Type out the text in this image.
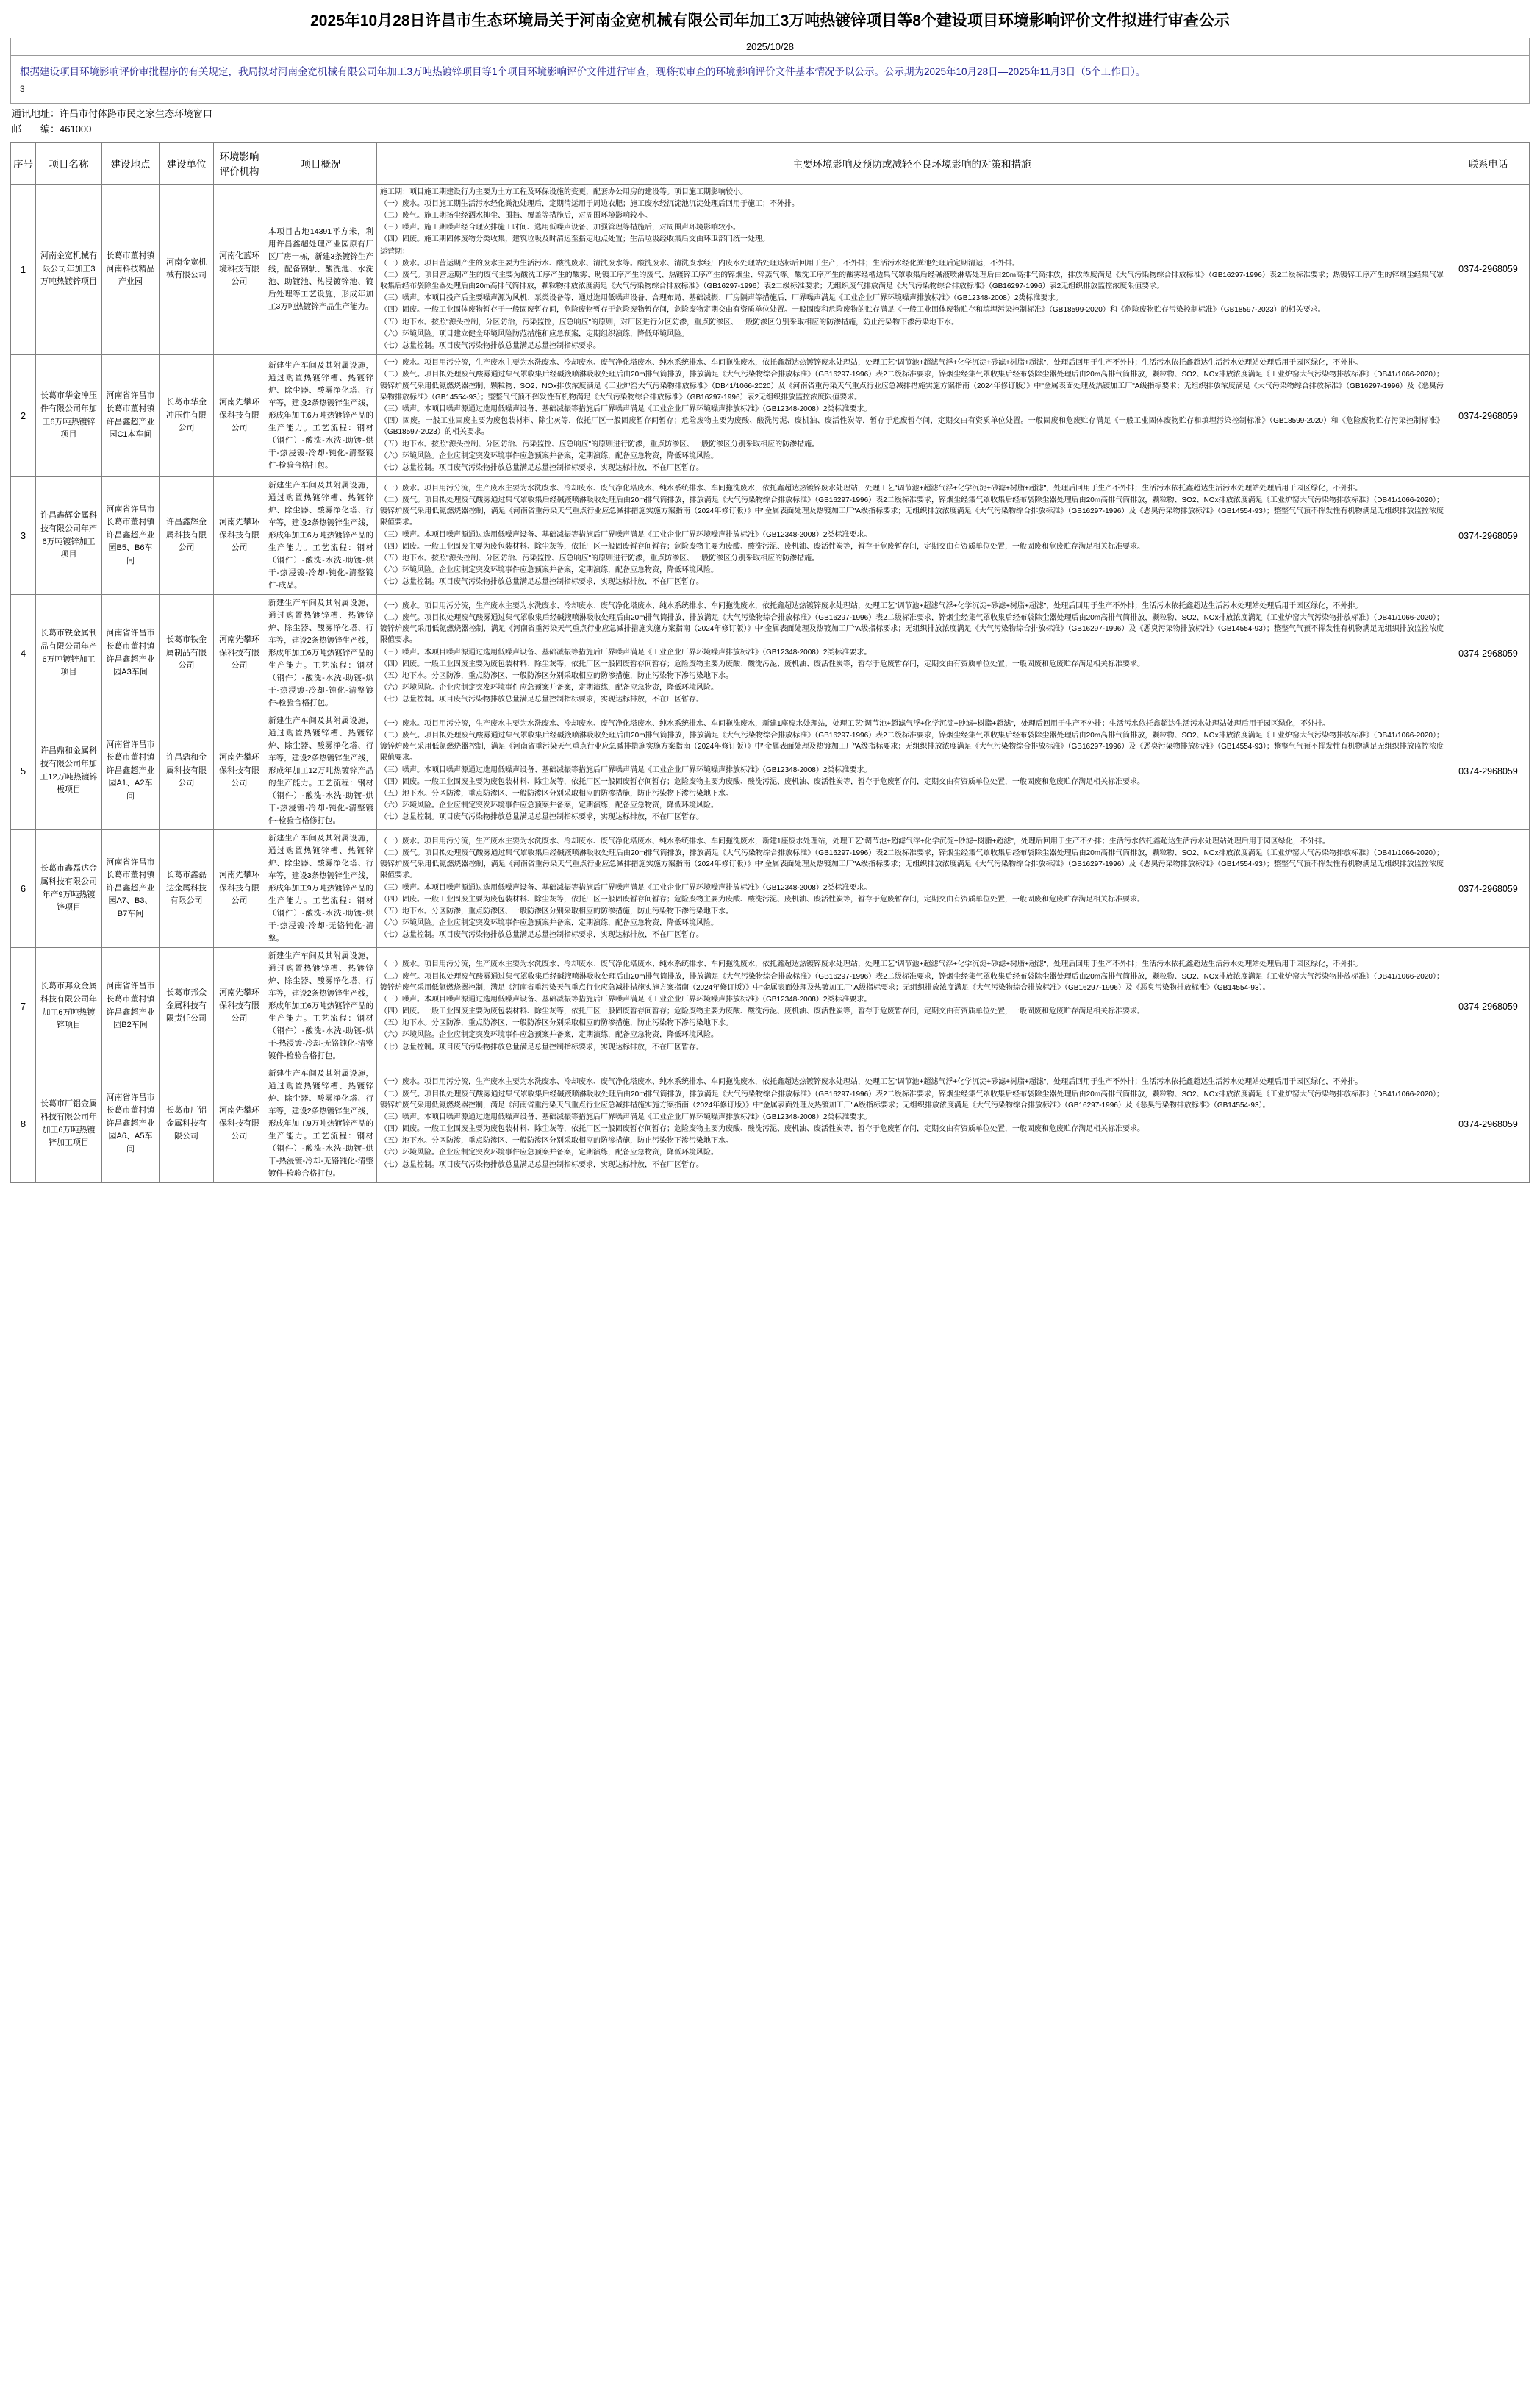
2025年10月28日许昌市生态环境局关于河南金宽机械有限公司年加工3万吨热镀锌项目等8个建设项目环境影响评价文件拟进行审查公示
2025/10/28
根据建设项目环境影响评价审批程序的有关规定，我局拟对河南金宽机械有限公司年加工3万吨热镀锌项目等1个项目环境影响评价文件进行审查，现将拟审查的环境影响评价文件基本情况予以公示。公示期为2025年10月28日—2025年11月3日（5个工作日）。
3
通讯地址：许昌市付体路市民之家生态环境窗口
邮　　编：461000
序号	项目名称	建设地点	建设单位	环境影响评价机构	项目概况	主要环境影响及预防或减轻不良环境影响的对策和措施	联系电话
1	河南金宽机械有限公司年加工3万吨热镀锌项目	长葛市董村镇河南科技精品产业园	河南金宽机械有限公司	河南化蓝环境科技有限公司	本项目占地14391平方米，利用许昌鑫超处理产业园原有厂区厂房一栋，新建3条镀锌生产线，配备钢轨、酸洗池、水洗池、助镀池、热浸镀锌池、镀后处理等工艺设施，形成年加工3万吨热镀锌产品生产能力。	

施工期：项目施工期建设行为主要为土方工程及环保设施的变更，配套办公用房的建设等。项目施工期影响较小。

（一）废水。项目施工期生活污水经化粪池处理后，定期清运用于周边农肥；施工废水经沉淀池沉淀处理后回用于施工；不外排。

（二）废气。施工期扬尘经洒水抑尘、围挡、覆盖等措施后，对周围环境影响较小。

（三）噪声。施工期噪声经合理安排施工时间、选用低噪声设备、加强管理等措施后，对周围声环境影响较小。

（四）固废。施工期固体废物分类收集，建筑垃圾及时清运至指定地点处置；生活垃圾经收集后交由环卫部门统一处理。

运营期：

（一）废水。项目营运期产生的废水主要为生活污水、酸洗废水、清洗废水等。酸洗废水、清洗废水经厂内废水处理站处理达标后回用于生产，不外排；生活污水经化粪池处理后定期清运，不外排。

（二）废气。项目营运期产生的废气主要为酸洗工序产生的酸雾、助镀工序产生的废气、热镀锌工序产生的锌烟尘、锌蒸气等。酸洗工序产生的酸雾经槽边集气罩收集后经碱液喷淋塔处理后由20m高排气筒排放，排放浓度满足《大气污染物综合排放标准》（GB16297-1996）表2二级标准要求；热镀锌工序产生的锌烟尘经集气罩收集后经布袋除尘器处理后由20m高排气筒排放，颗粒物排放浓度满足《大气污染物综合排放标准》（GB16297-1996）表2二级标准要求；无组织废气排放满足《大气污染物综合排放标准》（GB16297-1996）表2无组织排放监控浓度限值要求。

（三）噪声。本项目投产后主要噪声源为风机、泵类设备等，通过选用低噪声设备、合理布局、基础减振、厂房隔声等措施后，厂界噪声满足《工业企业厂界环境噪声排放标准》（GB12348-2008）2类标准要求。

（四）固废。一般工业固体废物暂存于一般固废暂存间，危险废物暂存于危险废物暂存间，危险废物定期交由有资质单位处置。一般固废和危险废物的贮存满足《一般工业固体废物贮存和填埋污染控制标准》（GB18599-2020）和《危险废物贮存污染控制标准》（GB18597-2023）的相关要求。

（五）地下水。按照"源头控制，分区防治，污染监控，应急响应"的原则，对厂区进行分区防渗，重点防渗区、一般防渗区分别采取相应的防渗措施，防止污染物下渗污染地下水。

（六）环境风险。项目建立健全环境风险防范措施和应急预案，定期组织演练，降低环境风险。

（七）总量控制。项目废气污染物排放总量满足总量控制指标要求。

	0374-2968059
2	长葛市华金冲压件有限公司年加工6万吨热镀锌项目	河南省许昌市长葛市董村镇许昌鑫超产业园C1本车间	长葛市华金冲压件有限公司	河南先攀环保科技有限公司	新建生产车间及其附属设施，通过购置热镀锌槽、热镀锌炉、除尘器、酸雾净化塔、行车等，建设2条热镀锌生产线，形成年加工6万吨热镀锌产品的生产能力。工艺流程：钢材（钢件）-酸洗-水洗-助镀-烘干-热浸镀-冷却-钝化-清整镀件-检验合格打包。	

（一）废水。项目用污分流，生产废水主要为水洗废水、冷却废水、废气净化塔废水、纯水系统排水、车间拖洗废水，依托鑫超达热镀锌废水处理站，处理工艺"调节池+超滤气浮+化学沉淀+砂滤+树脂+超滤"，处理后回用于生产不外排；生活污水依托鑫超达生活污水处理站处理后用于园区绿化，不外排。

（二）废气。项目拟处理废气酸雾通过集气罩收集后经碱液喷淋吸收处理后由20m排气筒排放，排放满足《大气污染物综合排放标准》（GB16297-1996）表2二级标准要求，锌烟尘经集气罩收集后经布袋除尘器处理后由20m高排气筒排放，颗粒物、SO2、NOx排放浓度满足《工业炉窑大气污染物排放标准》（DB41/1066-2020）；镀锌炉废气采用低氮燃烧器控制，颗粒物、SO2、NOx排放浓度满足《工业炉窑大气污染物排放标准》（DB41/1066-2020）及《河南省重污染天气重点行业应急减排措施实施方案指南（2024年修订版）》中"金属表面处理及热镀加工厂"A级指标要求；无组织排放浓度满足《大气污染物综合排放标准》（GB16297-1996）及《恶臭污染物排放标准》（GB14554-93）；整整气气预不挥发性有机物满足《大气污染物综合排放标准》（GB16297-1996）表2无组织排放监控浓度限值要求。

（三）噪声。本项目噪声源通过选用低噪声设备、基础减振等措施后厂界噪声满足《工业企业厂界环境噪声排放标准》（GB12348-2008）2类标准要求。

（四）固废。一般工业固废主要为废包装材料、除尘灰等，依托厂区一般固废暂存间暂存；危险废物主要为废酸、酸洗污泥、废机油、废活性炭等，暂存于危废暂存间，定期交由有资质单位处置。一般固废和危废贮存满足《一般工业固体废物贮存和填埋污染控制标准》（GB18599-2020）和《危险废物贮存污染控制标准》（GB18597-2023）的相关要求。

（五）地下水。按照"源头控制、分区防治、污染监控、应急响应"的原则进行防渗，重点防渗区、一般防渗区分别采取相应的防渗措施。

（六）环境风险。企业应制定突发环境事件应急预案并备案，定期演练，配备应急物资，降低环境风险。

（七）总量控制。项目废气污染物排放总量满足总量控制指标要求，实现达标排放，不在厂区暂存。

	0374-2968059
3	许昌鑫辉金属科技有限公司年产6万吨镀锌加工项目	河南省许昌市长葛市董村镇许昌鑫超产业园B5、B6车间	许昌鑫辉金属科技有限公司	河南先攀环保科技有限公司	新建生产车间及其附属设施，通过购置热镀锌槽、热镀锌炉、除尘器、酸雾净化塔、行车等，建设2条热镀锌生产线，形成年加工6万吨热镀锌产品的生产能力。工艺流程：钢材（钢件）-酸洗-水洗-助镀-烘干-热浸镀-冷却-钝化-清整镀件-成品。	

（一）废水。项目用污分流，生产废水主要为水洗废水、冷却废水、废气净化塔废水、纯水系统排水、车间拖洗废水，依托鑫超达热镀锌废水处理站，处理工艺"调节池+超滤气浮+化学沉淀+砂滤+树脂+超滤"，处理后回用于生产不外排；生活污水依托鑫超达生活污水处理站处理后用于园区绿化，不外排。

（二）废气。项目拟处理废气酸雾通过集气罩收集后经碱液喷淋吸收处理后由20m排气筒排放，排放满足《大气污染物综合排放标准》（GB16297-1996）表2二级标准要求，锌烟尘经集气罩收集后经布袋除尘器处理后由20m高排气筒排放，颗粒物、SO2、NOx排放浓度满足《工业炉窑大气污染物排放标准》（DB41/1066-2020）；镀锌炉废气采用低氮燃烧器控制，满足《河南省重污染天气重点行业应急减排措施实施方案指南（2024年修订版）》中"金属表面处理及热镀加工厂"A级指标要求；无组织排放浓度满足《大气污染物综合排放标准》（GB16297-1996）及《恶臭污染物排放标准》（GB14554-93）；整整气气预不挥发性有机物满足无组织排放监控浓度限值要求。

（三）噪声。本项目噪声源通过选用低噪声设备、基础减振等措施后厂界噪声满足《工业企业厂界环境噪声排放标准》（GB12348-2008）2类标准要求。

（四）固废。一般工业固废主要为废包装材料、除尘灰等，依托厂区一般固废暂存间暂存；危险废物主要为废酸、酸洗污泥、废机油、废活性炭等，暂存于危废暂存间，定期交由有资质单位处置，一般固废和危废贮存满足相关标准要求。

（五）地下水。按照"源头控制、分区防治、污染监控、应急响应"的原则进行防渗，重点防渗区、一般防渗区分别采取相应的防渗措施。

（六）环境风险。企业应制定突发环境事件应急预案并备案，定期演练，配备应急物资，降低环境风险。

（七）总量控制。项目废气污染物排放总量满足总量控制指标要求，实现达标排放，不在厂区暂存。

	0374-2968059
4	长葛市铁金属制品有限公司年产6万吨镀锌加工项目	河南省许昌市长葛市董村镇许昌鑫超产业园A3车间	长葛市铁金属制品有限公司	河南先攀环保科技有限公司	新建生产车间及其附属设施，通过购置热镀锌槽、热镀锌炉、除尘器、酸雾净化塔、行车等，建设2条热镀锌生产线，形成年加工6万吨热镀锌产品的生产能力。工艺流程：钢材（钢件）-酸洗-水洗-助镀-烘干-热浸镀-冷却-钝化-清整镀件-检验合格打包。	

（一）废水。项目用污分流，生产废水主要为水洗废水、冷却废水、废气净化塔废水、纯水系统排水、车间拖洗废水，依托鑫超达热镀锌废水处理站，处理工艺"调节池+超滤气浮+化学沉淀+砂滤+树脂+超滤"，处理后回用于生产不外排；生活污水依托鑫超达生活污水处理站处理后用于园区绿化，不外排。

（二）废气。项目拟处理废气酸雾通过集气罩收集后经碱液喷淋吸收处理后由20m排气筒排放，排放满足《大气污染物综合排放标准》（GB16297-1996）表2二级标准要求，锌烟尘经集气罩收集后经布袋除尘器处理后由20m高排气筒排放，颗粒物、SO2、NOx排放浓度满足《工业炉窑大气污染物排放标准》（DB41/1066-2020）；镀锌炉废气采用低氮燃烧器控制，满足《河南省重污染天气重点行业应急减排措施实施方案指南（2024年修订版）》中"金属表面处理及热镀加工厂"A级指标要求；无组织排放浓度满足《大气污染物综合排放标准》（GB16297-1996）及《恶臭污染物排放标准》（GB14554-93）；整整气气预不挥发性有机物满足无组织排放监控浓度限值要求。

（三）噪声。本项目噪声源通过选用低噪声设备、基础减振等措施后厂界噪声满足《工业企业厂界环境噪声排放标准》（GB12348-2008）2类标准要求。

（四）固废。一般工业固废主要为废包装材料、除尘灰等，依托厂区一般固废暂存间暂存；危险废物主要为废酸、酸洗污泥、废机油、废活性炭等，暂存于危废暂存间，定期交由有资质单位处置，一般固废和危废贮存满足相关标准要求。

（五）地下水。分区防渗，重点防渗区、一般防渗区分别采取相应的防渗措施，防止污染物下渗污染地下水。

（六）环境风险。企业应制定突发环境事件应急预案并备案，定期演练，配备应急物资，降低环境风险。

（七）总量控制。项目废气污染物排放总量满足总量控制指标要求，实现达标排放，不在厂区暂存。

	0374-2968059
5	许昌鼎和金属科技有限公司年加工12万吨热镀锌板项目	河南省许昌市长葛市董村镇许昌鑫超产业园A1、A2车间	许昌鼎和金属科技有限公司	河南先攀环保科技有限公司	新建生产车间及其附属设施，通过购置热镀锌槽、热镀锌炉、除尘器、酸雾净化塔、行车等，建设2条热镀锌生产线，形成年加工12万吨热镀锌产品的生产能力。工艺流程：钢材（钢件）-酸洗-水洗-助镀-烘干-热浸镀-冷却-钝化-清整镀件-检验合格修打包。	

（一）废水。项目用污分流，生产废水主要为水洗废水、冷却废水、废气净化塔废水、纯水系统排水、车间拖洗废水，新建1座废水处理站，处理工艺"调节池+超滤气浮+化学沉淀+砂滤+树脂+超滤"，处理后回用于生产不外排；生活污水依托鑫超达生活污水处理站处理后用于园区绿化，不外排。

（二）废气。项目拟处理废气酸雾通过集气罩收集后经碱液喷淋吸收处理后由20m排气筒排放，排放满足《大气污染物综合排放标准》（GB16297-1996）表2二级标准要求，锌烟尘经集气罩收集后经布袋除尘器处理后由20m高排气筒排放，颗粒物、SO2、NOx排放浓度满足《工业炉窑大气污染物排放标准》（DB41/1066-2020）；镀锌炉废气采用低氮燃烧器控制，满足《河南省重污染天气重点行业应急减排措施实施方案指南（2024年修订版）》中"金属表面处理及热镀加工厂"A级指标要求；无组织排放浓度满足《大气污染物综合排放标准》（GB16297-1996）及《恶臭污染物排放标准》（GB14554-93）；整整气气预不挥发性有机物满足无组织排放监控浓度限值要求。

（三）噪声。本项目噪声源通过选用低噪声设备、基础减振等措施后厂界噪声满足《工业企业厂界环境噪声排放标准》（GB12348-2008）2类标准要求。

（四）固废。一般工业固废主要为废包装材料、除尘灰等，依托厂区一般固废暂存间暂存；危险废物主要为废酸、酸洗污泥、废机油、废活性炭等，暂存于危废暂存间，定期交由有资质单位处置，一般固废和危废贮存满足相关标准要求。

（五）地下水。分区防渗，重点防渗区、一般防渗区分别采取相应的防渗措施，防止污染物下渗污染地下水。

（六）环境风险。企业应制定突发环境事件应急预案并备案，定期演练，配备应急物资，降低环境风险。

（七）总量控制。项目废气污染物排放总量满足总量控制指标要求，实现达标排放，不在厂区暂存。

	0374-2968059
6	长葛市鑫磊达金属科技有限公司年产9万吨热镀锌项目	河南省许昌市长葛市董村镇许昌鑫超产业园A7、B3、B7车间	长葛市鑫磊达金属科技有限公司	河南先攀环保科技有限公司	新建生产车间及其附属设施，通过购置热镀锌槽、热镀锌炉、除尘器、酸雾净化塔、行车等，建设3条热镀锌生产线，形成年加工9万吨热镀锌产品的生产能力。工艺流程：钢材（钢件）-酸洗-水洗-助镀-烘干-热浸镀-冷却-无铬钝化-清整。	

（一）废水。项目用污分流，生产废水主要为水洗废水、冷却废水、废气净化塔废水、纯水系统排水、车间拖洗废水，新建1座废水处理站，处理工艺"调节池+超滤气浮+化学沉淀+砂滤+树脂+超滤"，处理后回用于生产不外排；生活污水依托鑫超达生活污水处理站处理后用于园区绿化，不外排。

（二）废气。项目拟处理废气酸雾通过集气罩收集后经碱液喷淋吸收处理后由20m排气筒排放，排放满足《大气污染物综合排放标准》（GB16297-1996）表2二级标准要求，锌烟尘经集气罩收集后经布袋除尘器处理后由20m高排气筒排放，颗粒物、SO2、NOx排放浓度满足《工业炉窑大气污染物排放标准》（DB41/1066-2020）；镀锌炉废气采用低氮燃烧器控制，满足《河南省重污染天气重点行业应急减排措施实施方案指南（2024年修订版）》中"金属表面处理及热镀加工厂"A级指标要求；无组织排放浓度满足《大气污染物综合排放标准》（GB16297-1996）及《恶臭污染物排放标准》（GB14554-93）；整整气气预不挥发性有机物满足无组织排放监控浓度限值要求。

（三）噪声。本项目噪声源通过选用低噪声设备、基础减振等措施后厂界噪声满足《工业企业厂界环境噪声排放标准》（GB12348-2008）2类标准要求。

（四）固废。一般工业固废主要为废包装材料、除尘灰等，依托厂区一般固废暂存间暂存；危险废物主要为废酸、酸洗污泥、废机油、废活性炭等，暂存于危废暂存间，定期交由有资质单位处置，一般固废和危废贮存满足相关标准要求。

（五）地下水。分区防渗，重点防渗区、一般防渗区分别采取相应的防渗措施，防止污染物下渗污染地下水。

（六）环境风险。企业应制定突发环境事件应急预案并备案，定期演练，配备应急物资，降低环境风险。

（七）总量控制。项目废气污染物排放总量满足总量控制指标要求，实现达标排放，不在厂区暂存。

	0374-2968059
7	长葛市邦众金属科技有限公司年加工6万吨热镀锌项目	河南省许昌市长葛市董村镇许昌鑫超产业园B2车间	长葛市邦众金属科技有限责任公司	河南先攀环保科技有限公司	新建生产车间及其附属设施，通过购置热镀锌槽、热镀锌炉、除尘器、酸雾净化塔、行车等，建设2条热镀锌生产线，形成年加工6万吨热镀锌产品的生产能力。工艺流程：钢材（钢件）-酸洗-水洗-助镀-烘干-热浸镀-冷却-无铬钝化-清整镀件-检验合格打包。	

（一）废水。项目用污分流，生产废水主要为水洗废水、冷却废水、废气净化塔废水、纯水系统排水、车间拖洗废水，依托鑫超达热镀锌废水处理站，处理工艺"调节池+超滤气浮+化学沉淀+砂滤+树脂+超滤"，处理后回用于生产不外排；生活污水依托鑫超达生活污水处理站处理后用于园区绿化，不外排。

（二）废气。项目拟处理废气酸雾通过集气罩收集后经碱液喷淋吸收处理后由20m排气筒排放，排放满足《大气污染物综合排放标准》（GB16297-1996）表2二级标准要求，锌烟尘经集气罩收集后经布袋除尘器处理后由20m高排气筒排放，颗粒物、SO2、NOx排放浓度满足《工业炉窑大气污染物排放标准》（DB41/1066-2020）；镀锌炉废气采用低氮燃烧器控制，满足《河南省重污染天气重点行业应急减排措施实施方案指南（2024年修订版）》中"金属表面处理及热镀加工厂"A级指标要求；无组织排放浓度满足《大气污染物综合排放标准》（GB16297-1996）及《恶臭污染物排放标准》（GB14554-93）。

（三）噪声。本项目噪声源通过选用低噪声设备、基础减振等措施后厂界噪声满足《工业企业厂界环境噪声排放标准》（GB12348-2008）2类标准要求。

（四）固废。一般工业固废主要为废包装材料、除尘灰等，依托厂区一般固废暂存间暂存；危险废物主要为废酸、酸洗污泥、废机油、废活性炭等，暂存于危废暂存间，定期交由有资质单位处置，一般固废和危废贮存满足相关标准要求。

（五）地下水。分区防渗，重点防渗区、一般防渗区分别采取相应的防渗措施，防止污染物下渗污染地下水。

（六）环境风险。企业应制定突发环境事件应急预案并备案，定期演练，配备应急物资，降低环境风险。

（七）总量控制。项目废气污染物排放总量满足总量控制指标要求，实现达标排放，不在厂区暂存。

	0374-2968059
8	长葛市厂铝金属科技有限公司年加工6万吨热镀锌加工项目	河南省许昌市长葛市董村镇许昌鑫超产业园A6、A5车间	长葛市厂铝金属科技有限公司	河南先攀环保科技有限公司	新建生产车间及其附属设施，通过购置热镀锌槽、热镀锌炉、除尘器、酸雾净化塔、行车等，建设2条热镀锌生产线，形成年加工9万吨热镀锌产品的生产能力。工艺流程：钢材（钢件）-酸洗-水洗-助镀-烘干-热浸镀-冷却-无铬钝化-清整镀件-检验合格打包。	

（一）废水。项目用污分流，生产废水主要为水洗废水、冷却废水、废气净化塔废水、纯水系统排水、车间拖洗废水，依托鑫超达热镀锌废水处理站，处理工艺"调节池+超滤气浮+化学沉淀+砂滤+树脂+超滤"，处理后回用于生产不外排；生活污水依托鑫超达生活污水处理站处理后用于园区绿化，不外排。

（二）废气。项目拟处理废气酸雾通过集气罩收集后经碱液喷淋吸收处理后由20m排气筒排放，排放满足《大气污染物综合排放标准》（GB16297-1996）表2二级标准要求，锌烟尘经集气罩收集后经布袋除尘器处理后由20m高排气筒排放，颗粒物、SO2、NOx排放浓度满足《工业炉窑大气污染物排放标准》（DB41/1066-2020）；镀锌炉废气采用低氮燃烧器控制，满足《河南省重污染天气重点行业应急减排措施实施方案指南（2024年修订版）》中"金属表面处理及热镀加工厂"A级指标要求；无组织排放浓度满足《大气污染物综合排放标准》（GB16297-1996）及《恶臭污染物排放标准》（GB14554-93）。

（三）噪声。本项目噪声源通过选用低噪声设备、基础减振等措施后厂界噪声满足《工业企业厂界环境噪声排放标准》（GB12348-2008）2类标准要求。

（四）固废。一般工业固废主要为废包装材料、除尘灰等，依托厂区一般固废暂存间暂存；危险废物主要为废酸、酸洗污泥、废机油、废活性炭等，暂存于危废暂存间，定期交由有资质单位处置，一般固废和危废贮存满足相关标准要求。

（五）地下水。分区防渗，重点防渗区、一般防渗区分别采取相应的防渗措施，防止污染物下渗污染地下水。

（六）环境风险。企业应制定突发环境事件应急预案并备案，定期演练，配备应急物资，降低环境风险。

（七）总量控制。项目废气污染物排放总量满足总量控制指标要求，实现达标排放，不在厂区暂存。

	0374-2968059
